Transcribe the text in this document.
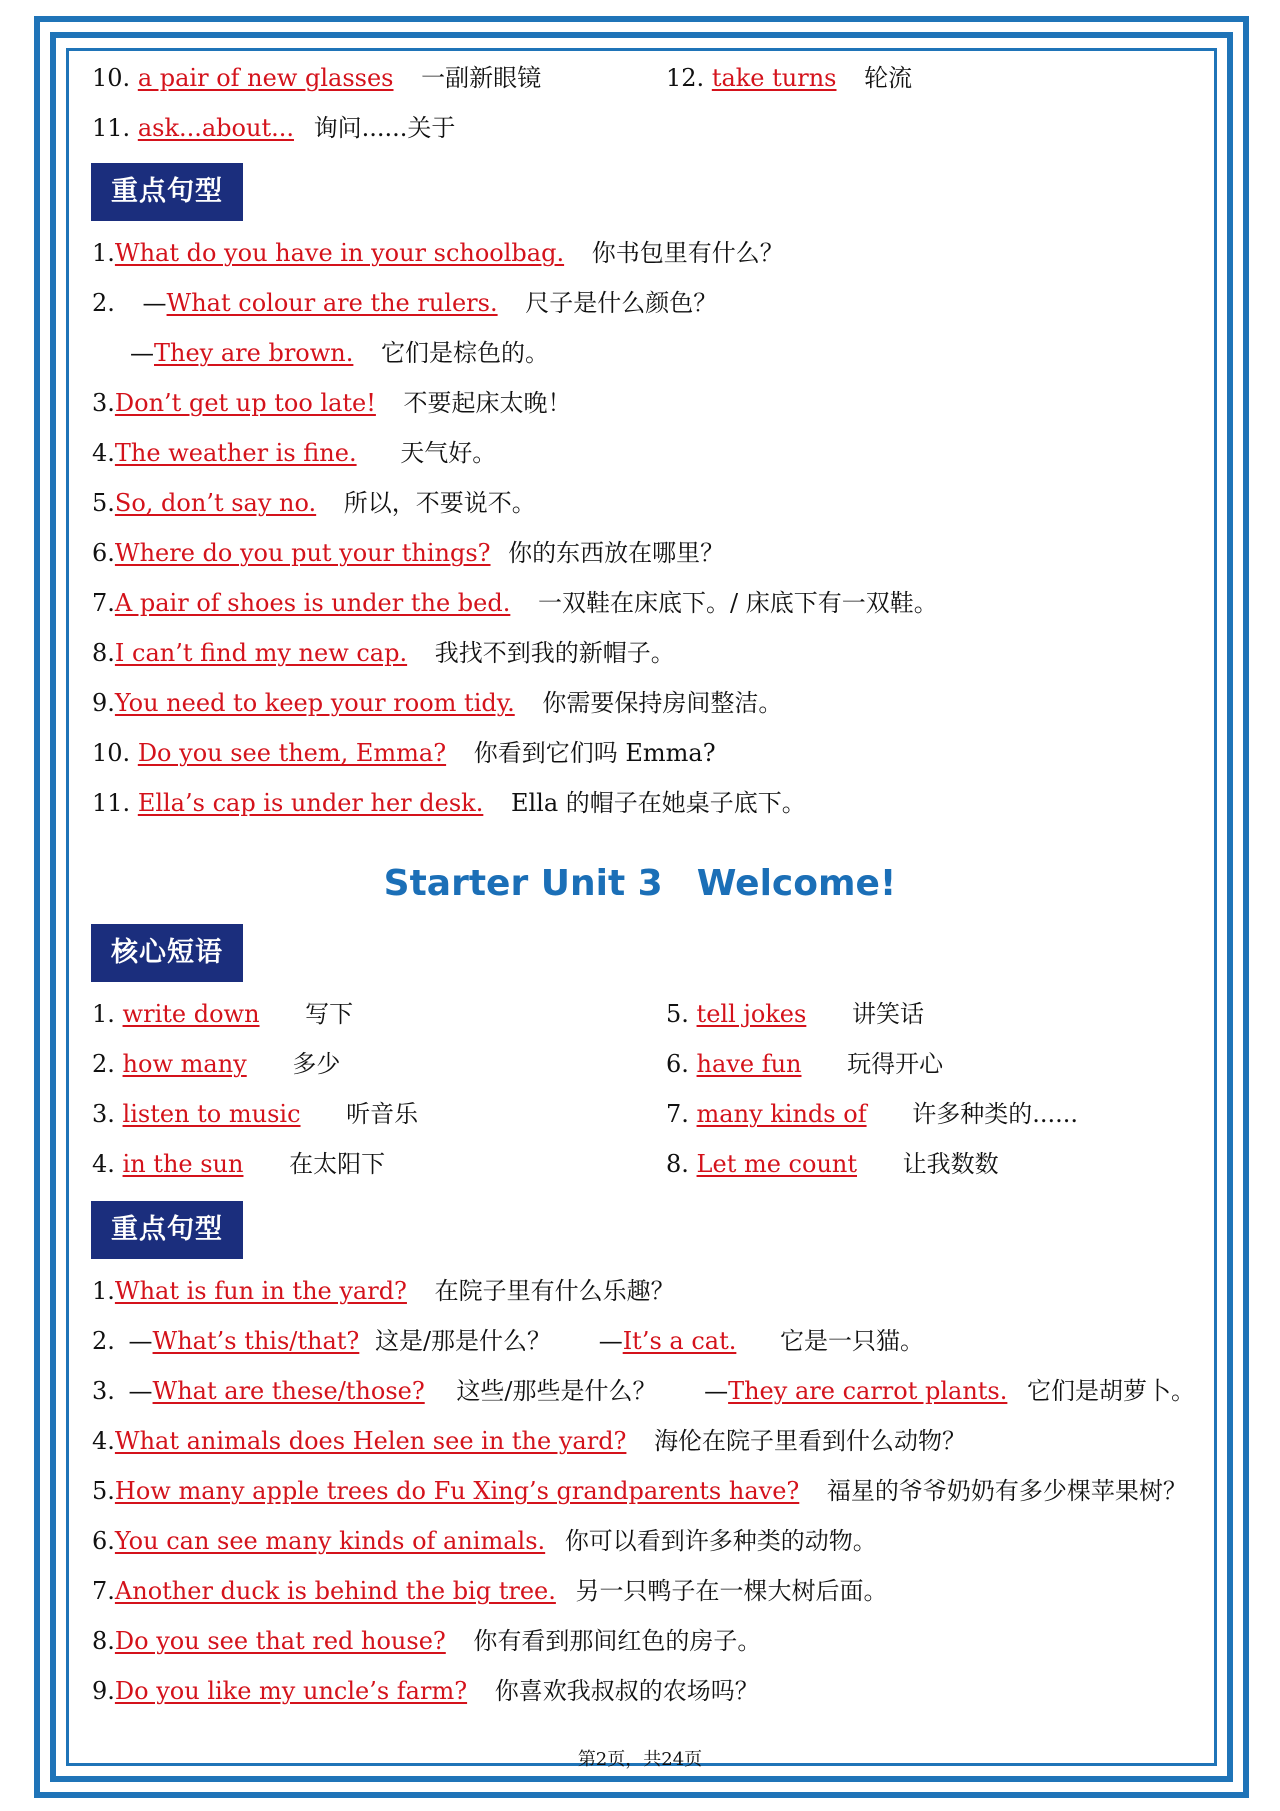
10. a pair of new glasses 一副新眼镜	12. take turns 轮流
11. ask...about... 询问......关于
重点句型
1.What do you have in your schoolbag. 你书包里有什么？
2. —What colour are the rulers. 尺子是什么颜色？
—They are brown. 它们是棕色的。
3.Don’t get up too late! 不要起床太晚！
4.The weather is fine. 天气好。
5.So, don’t say no. 所以，不要说不。
6.Where do you put your things? 你的东西放在哪里？
7.A pair of shoes is under the bed. 一双鞋在床底下。/ 床底下有一双鞋。
8.I can’t find my new cap. 我找不到我的新帽子。
9.You need to keep your room tidy. 你需要保持房间整洁。
10. Do you see them, Emma? 你看到它们吗 Emma?
11. Ella’s cap is under her desk. Ella 的帽子在她桌子底下。
Starter Unit 3 Welcome!
核心短语
1. write down 写下
2. how many 多少
3. listen to music 听音乐
4. in the sun 在太阳下
5. tell jokes 讲笑话
6. have fun 玩得开心
7. many kinds of 许多种类的......
8. Let me count 让我数数
重点句型
1.What is fun in the yard? 在院子里有什么乐趣？
2. —What’s this/that? 这是/那是什么？ —It’s a cat. 它是一只猫。
3. —What are these/those? 这些/那些是什么？ —They are carrot plants. 它们是胡萝卜。
4.What animals does Helen see in the yard? 海伦在院子里看到什么动物？
5.How many apple trees do Fu Xing’s grandparents have? 福星的爷爷奶奶有多少棵苹果树？
6.You can see many kinds of animals. 你可以看到许多种类的动物。
7.Another duck is behind the big tree. 另一只鸭子在一棵大树后面。
8.Do you see that red house? 你有看到那间红色的房子。
9.Do you like my uncle’s farm? 你喜欢我叔叔的农场吗？
第2页，共24页
